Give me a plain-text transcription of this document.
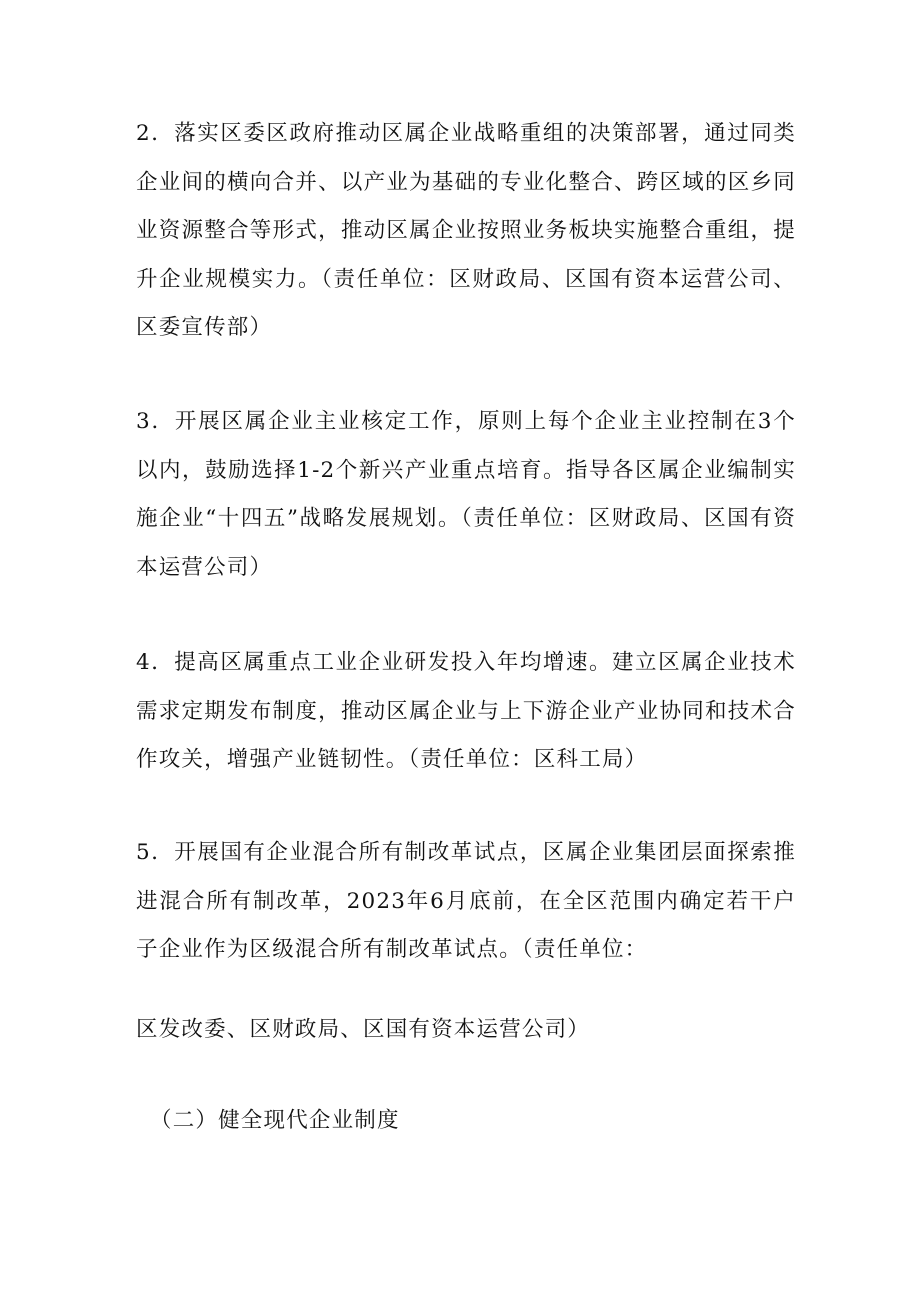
2．落实区委区政府推动区属企业战略重组的决策部署，通过同类企业间的横向合并、以产业为基础的专业化整合、跨区域的区乡同业资源整合等形式，推动区属企业按照业务板块实施整合重组，提升企业规模实力。（责任单位：区财政局、区国有资本运营公司、区委宣传部）

3．开展区属企业主业核定工作，原则上每个企业主业控制在3个以内，鼓励选择1-2个新兴产业重点培育。指导各区属企业编制实施企业“十四五”战略发展规划。（责任单位：区财政局、区国有资本运营公司）

4．提高区属重点工业企业研发投入年均增速。建立区属企业技术需求定期发布制度，推动区属企业与上下游企业产业协同和技术合作攻关，增强产业链韧性。（责任单位：区科工局）

5．开展国有企业混合所有制改革试点，区属企业集团层面探索推进混合所有制改革，2023年6月底前，在全区范围内确定若干户子企业作为区级混合所有制改革试点。（责任单位：

区发改委、区财政局、区国有资本运营公司）

（二）健全现代企业制度
